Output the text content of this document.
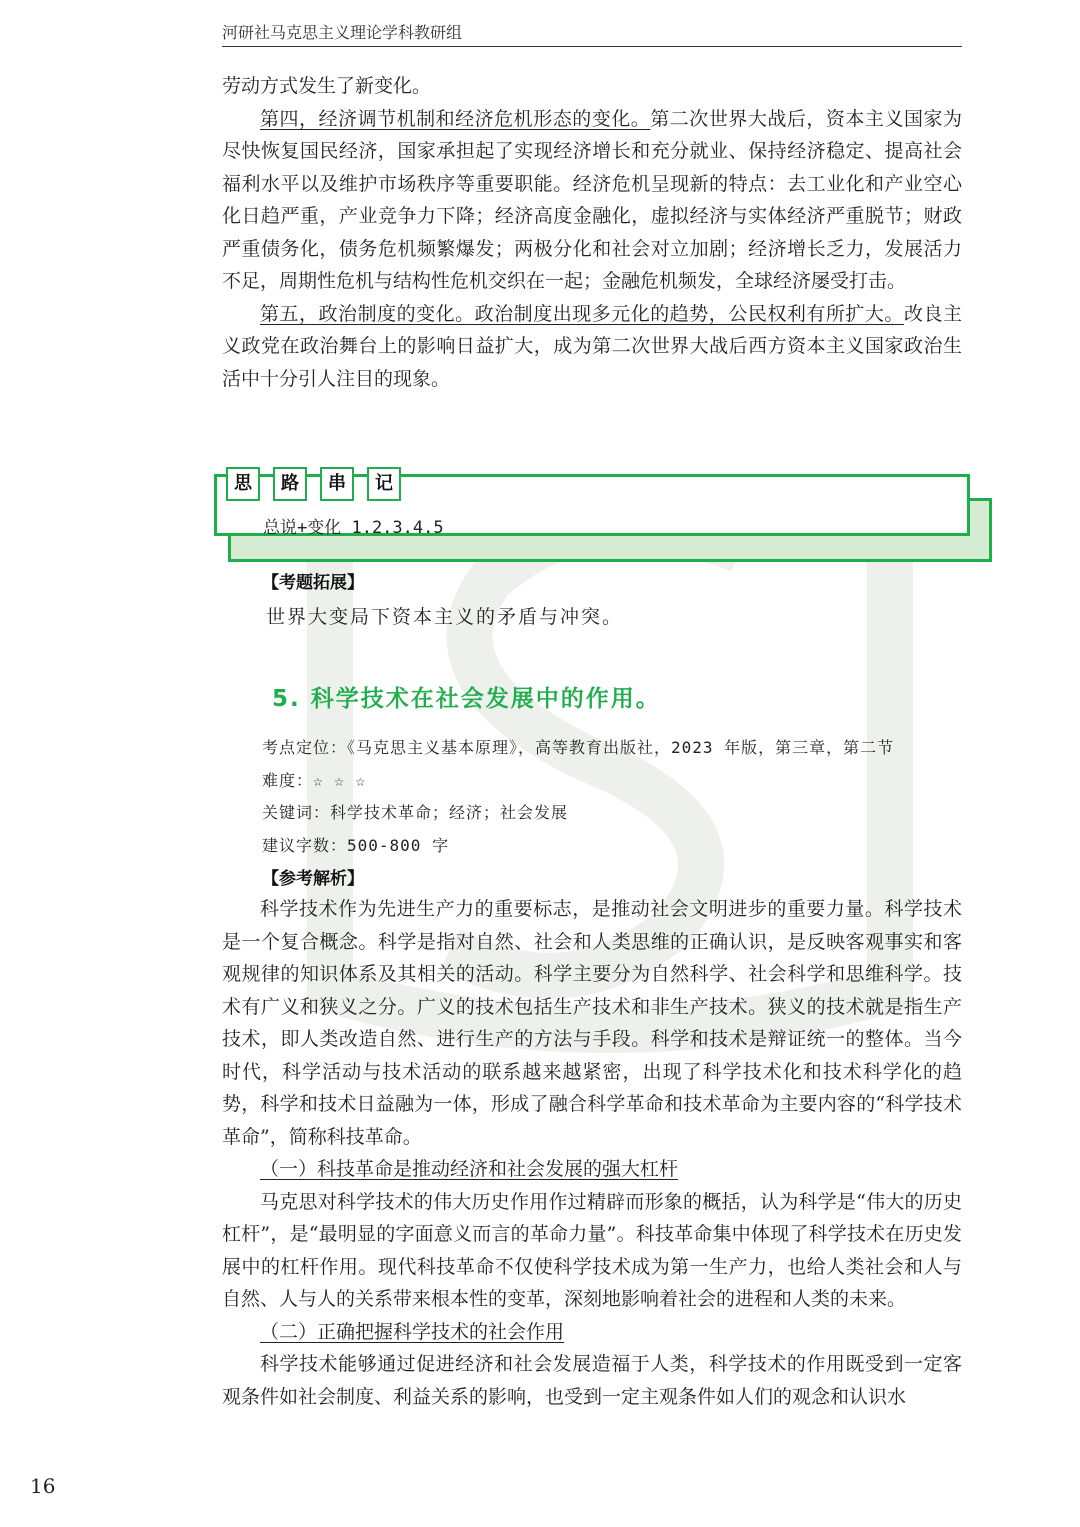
河研社马克思主义理论学科教研组

劳动方式发生了新变化。

第四，经济调节机制和经济危机形态的变化。第二次世界大战后，资本主义国家为尽快恢复国民经济，国家承担起了实现经济增长和充分就业、保持经济稳定、提高社会福利水平以及维护市场秩序等重要职能。经济危机呈现新的特点：去工业化和产业空心化日趋严重，产业竞争力下降；经济高度金融化，虚拟经济与实体经济严重脱节；财政严重债务化，债务危机频繁爆发；两极分化和社会对立加剧；经济增长乏力，发展活力不足，周期性危机与结构性危机交织在一起；金融危机频发，全球经济屡受打击。

第五，政治制度的变化。政治制度出现多元化的趋势，公民权利有所扩大。改良主义政党在政治舞台上的影响日益扩大，成为第二次世界大战后西方资本主义国家政治生活中十分引人注目的现象。

总说+变化 1.2.3.4.5
思	路	串	记
【考题拓展】
世界大变局下资本主义的矛盾与冲突。
5. 科学技术在社会发展中的作用。
考点定位：《马克思主义基本原理》，高等教育出版社，2023 年版，第三章，第二节
难度：☆ ☆ ☆
关键词：科学技术革命；经济；社会发展
建议字数：500-800 字
【参考解析】

科学技术作为先进生产力的重要标志，是推动社会文明进步的重要力量。科学技术是一个复合概念。科学是指对自然、社会和人类思维的正确认识，是反映客观事实和客观规律的知识体系及其相关的活动。科学主要分为自然科学、社会科学和思维科学。技术有广义和狭义之分。广义的技术包括生产技术和非生产技术。狭义的技术就是指生产技术，即人类改造自然、进行生产的方法与手段。科学和技术是辩证统一的整体。当今时代，科学活动与技术活动的联系越来越紧密，出现了科学技术化和技术科学化的趋势，科学和技术日益融为一体，形成了融合科学革命和技术革命为主要内容的“科学技术革命”，简称科技革命。

（一）科技革命是推动经济和社会发展的强大杠杆

马克思对科学技术的伟大历史作用作过精辟而形象的概括，认为科学是“伟大的历史杠杆”，是“最明显的字面意义而言的革命力量”。科技革命集中体现了科学技术在历史发展中的杠杆作用。现代科技革命不仅使科学技术成为第一生产力，也给人类社会和人与自然、人与人的关系带来根本性的变革，深刻地影响着社会的进程和人类的未来。

（二）正确把握科学技术的社会作用

科学技术能够通过促进经济和社会发展造福于人类，科学技术的作用既受到一定客观条件如社会制度、利益关系的影响，也受到一定主观条件如人们的观念和认识水

16
